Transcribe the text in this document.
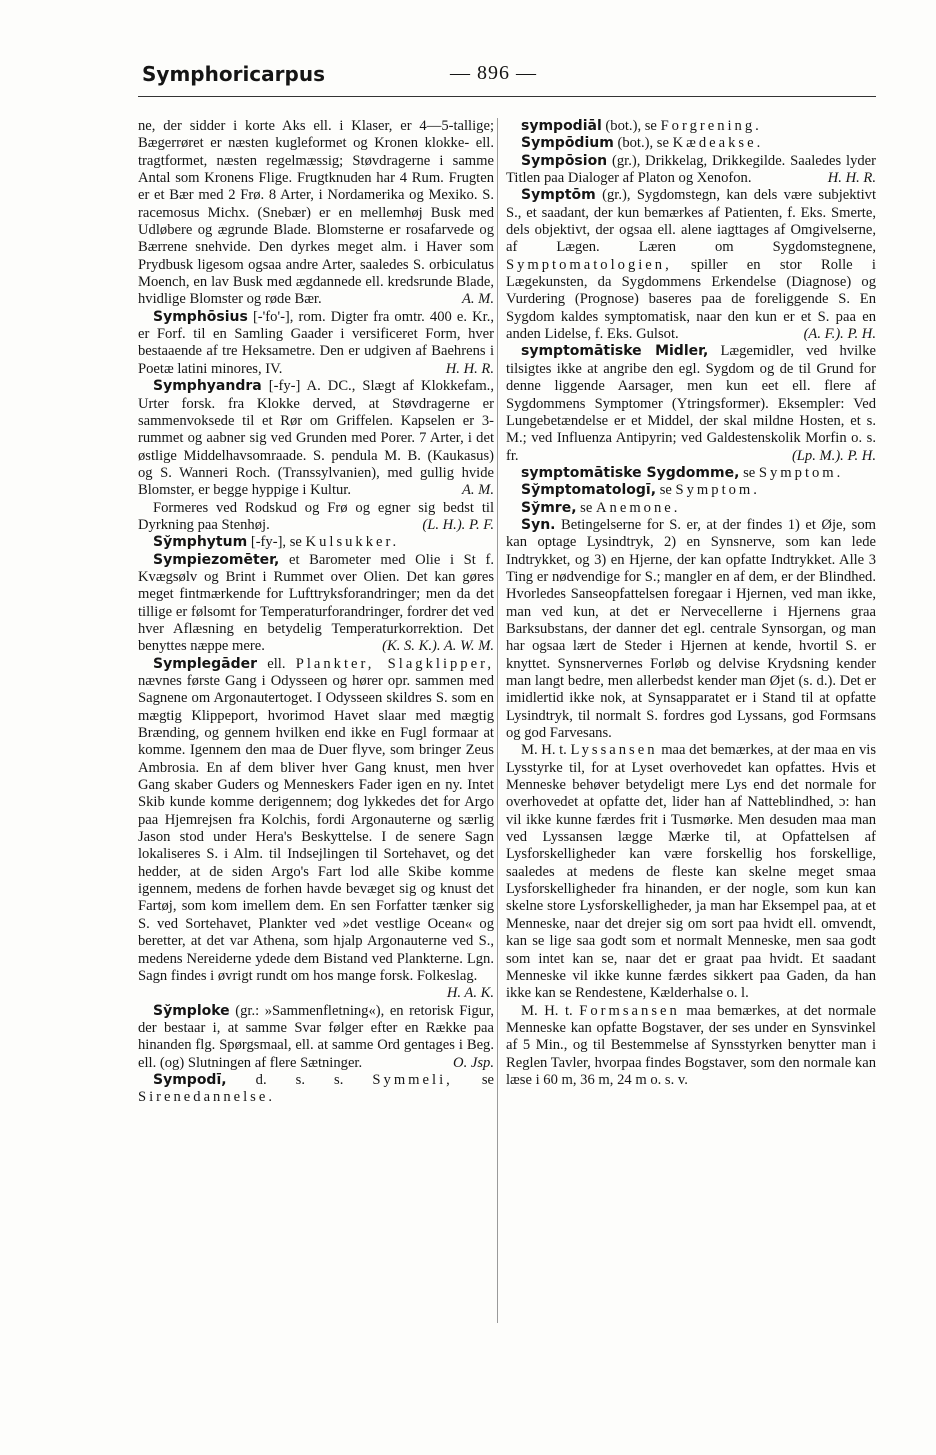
Symphoricarpus	— 896 —

ne, der sidder i korte Aks ell. i Klaser, er 4—5-tallige; Bægerrøret er næsten kugleformet og Kronen klokke- ell. tragtformet, næsten regelmæssig; Støvdragerne i samme Antal som Kronens Flige. Frugtknuden har 4 Rum. Frugten er et Bær med 2 Frø. 8 Arter, i Nordamerika og Mexiko. S. racemosus Michx. (Snebær) er en mellemhøj Busk med Udløbere og ægrunde Blade. Blomsterne er rosafarvede og Bærrene snehvide. Den dyrkes meget alm. i Haver som Prydbusk ligesom ogsaa andre Arter, saaledes S. orbiculatus Moench, en lav Busk med ægdannede ell. kredsrunde Blade, hvidlige Blomster og røde Bær.	A. M.

Symphōsius [-'fo'-], rom. Digter fra omtr. 400 e. Kr., er Forf. til en Samling Gaader i versificeret Form, hver bestaaende af tre Heksametre. Den er udgiven af Baehrens i Poetæ latini minores, IV.	H. H. R.

Symphyandra [-fy-] A. DC., Slægt af Klokkefam., Urter forsk. fra Klokke derved, at Støvdragerne er sammenvoksede til et Rør om Griffelen. Kapselen er 3-rummet og aabner sig ved Grunden med Porer. 7 Arter, i det østlige Middelhavsomraade. S. pendula M. B. (Kaukasus) og S. Wanneri Roch. (Transsylvanien), med gullig hvide Blomster, er begge hyppige i Kultur.	A. M.

Formeres ved Rodskud og Frø og egner sig bedst til Dyrkning paa Stenhøj.	(L. H.). P. F.

Sy̆mphytum [-fy-], se Kulsukker.

Sympiezomēter, et Barometer med Olie i St f. Kvægsølv og Brint i Rummet over Olien. Det kan gøres meget fintmærkende for Lufttryksforandringer; men da det tillige er følsomt for Temperaturforandringer, fordrer det ved hver Aflæsning en betydelig Temperaturkorrektion. Det benyttes næppe mere.	(K. S. K.). A. W. M.

Symplegāder ell. Plankter, Slagklipper, nævnes første Gang i Odysseen og hører opr. sammen med Sagnene om Argonautertoget. I Odysseen skildres S. som en mægtig Klippeport, hvorimod Havet slaar med mægtig Brænding, og gennem hvilken end ikke en Fugl formaar at komme. Igennem den maa de Duer flyve, som bringer Zeus Ambrosia. En af dem bliver hver Gang knust, men hver Gang skaber Guders og Menneskers Fader igen en ny. Intet Skib kunde komme derigennem; dog lykkedes det for Argo paa Hjemrejsen fra Kolchis, fordi Argonauterne og særlig Jason stod under Hera's Beskyttelse. I de senere Sagn lokaliseres S. i Alm. til Indsejlingen til Sortehavet, og det hedder, at de siden Argo's Fart lod alle Skibe komme igennem, medens de forhen havde bevæget sig og knust det Fartøj, som kom imellem dem. En sen Forfatter tænker sig S. ved Sortehavet, Plankter ved »det vestlige Ocean« og beretter, at det var Athena, som hjalp Argonauterne ved S., medens Nereiderne ydede dem Bistand ved Plankterne. Lgn. Sagn findes i øvrigt rundt om hos mange forsk. Folkeslag.
H. A. K.

Sy̆mploke (gr.: »Sammenfletning«), en retorisk Figur, der bestaar i, at samme Svar følger efter en Række paa hinanden flg. Spørgsmaal, ell. at samme Ord gentages i Beg. ell. (og) Slutningen af flere Sætninger.	O. Jsp.

Sympodī, d. s. s. Symmeli, se Sirenedannelse.

sympodiāl (bot.), se Forgrening.

Sympōdium (bot.), se Kædeakse.

Sympōsion (gr.), Drikkelag, Drikkegilde. Saaledes lyder Titlen paa Dialoger af Platon og Xenofon.	H. H. R.

Symptōm (gr.), Sygdomstegn, kan dels være subjektivt S., et saadant, der kun bemærkes af Patienten, f. Eks. Smerte, dels objektivt, der ogsaa ell. alene iagttages af Omgivelserne, af Lægen. Læren om Sygdomstegnene, Symptomatologien, spiller en stor Rolle i Lægekunsten, da Sygdommens Erkendelse (Diagnose) og Vurdering (Prognose) baseres paa de foreliggende S. En Sygdom kaldes symptomatisk, naar den kun er et S. paa en anden Lidelse, f. Eks. Gulsot.	(A. F.). P. H.

symptomātiske Midler, Lægemidler, ved hvilke tilsigtes ikke at angribe den egl. Sygdom og de til Grund for denne liggende Aarsager, men kun eet ell. flere af Sygdommens Symptomer (Ytringsformer). Eksempler: Ved Lungebetændelse er et Middel, der skal mildne Hosten, et s. M.; ved Influenza Antipyrin; ved Galdestenskolik Morfin o. s. fr.	(Lp. M.). P. H.

symptomātiske Sygdomme, se Symptom.

Sy̆mptomatologī, se Symptom.

Sy̆mre, se Anemone.

Syn. Betingelserne for S. er, at der findes 1) et Øje, som kan optage Lysindtryk, 2) en Synsnerve, som kan lede Indtrykket, og 3) en Hjerne, der kan opfatte Indtrykket. Alle 3 Ting er nødvendige for S.; mangler en af dem, er der Blindhed. Hvorledes Sanseopfattelsen foregaar i Hjernen, ved man ikke, man ved kun, at det er Nervecellerne i Hjernens graa Barksubstans, der danner det egl. centrale Synsorgan, og man har ogsaa lært de Steder i Hjernen at kende, hvortil S. er knyttet. Synsnervernes Forløb og delvise Krydsning kender man langt bedre, men allerbedst kender man Øjet (s. d.). Det er imidlertid ikke nok, at Synsapparatet er i Stand til at opfatte Lysindtryk, til normalt S. fordres god Lyssans, god Formsans og god Farvesans.

M. H. t. Lyssansen maa det bemærkes, at der maa en vis Lysstyrke til, for at Lyset overhovedet kan opfattes. Hvis et Menneske behøver betydeligt mere Lys end det normale for overhovedet at opfatte det, lider han af Natteblindhed, ɔ: han vil ikke kunne færdes frit i Tusmørke. Men desuden maa man ved Lyssansen lægge Mærke til, at Opfattelsen af Lysforskelligheder kan være forskellig hos forskellige, saaledes at medens de fleste kan skelne meget smaa Lysforskelligheder fra hinanden, er der nogle, som kun kan skelne store Lysforskelligheder, ja man har Eksempel paa, at et Menneske, naar det drejer sig om sort paa hvidt ell. omvendt, kan se lige saa godt som et normalt Menneske, men saa godt som intet kan se, naar det er graat paa hvidt. Et saadant Menneske vil ikke kunne færdes sikkert paa Gaden, da han ikke kan se Rendestene, Kælderhalse o. l.

M. H. t. Formsansen maa bemærkes, at det normale Menneske kan opfatte Bogstaver, der ses under en Synsvinkel af 5 Min., og til Bestemmelse af Synsstyrken benytter man i Reglen Tavler, hvorpaa findes Bogstaver, som den normale kan læse i 60 m, 36 m, 24 m o. s. v.
